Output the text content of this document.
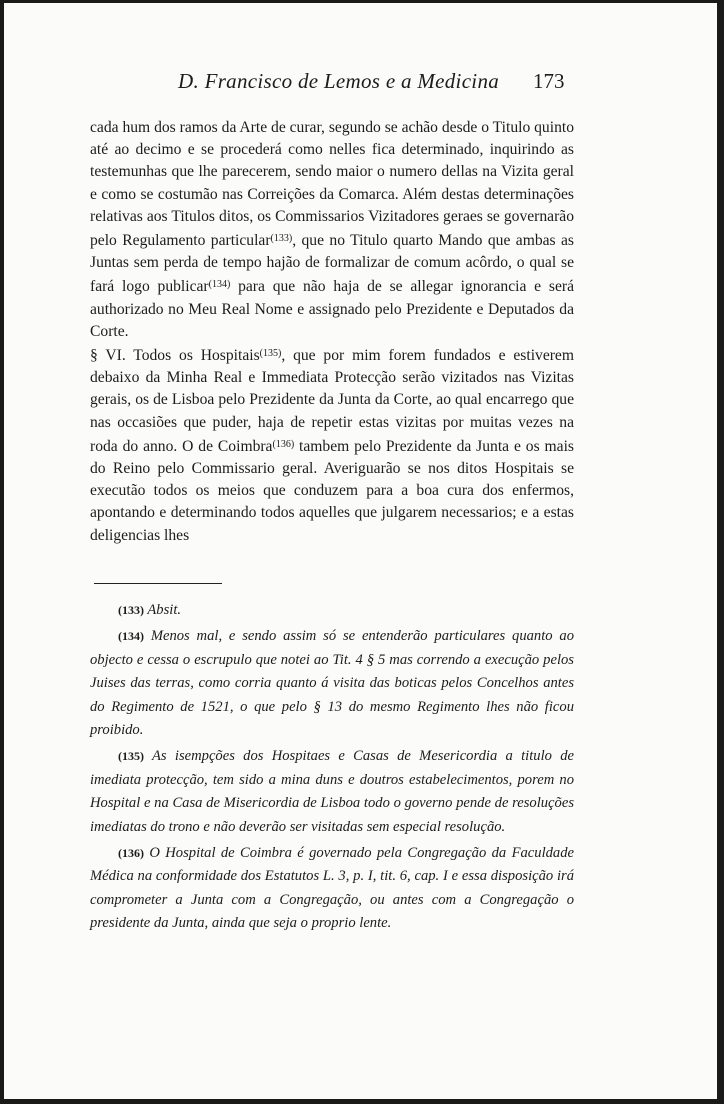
D. Francisco de Lemos e a Medicina 173

cada hum dos ramos da Arte de curar, segundo se achão desde o Titulo quinto até ao decimo e se procederá como nelles fica determinado, inquirindo as testemunhas que lhe parecerem, sendo maior o numero dellas na Vizita geral e como se costumão nas Correições da Comarca. Além destas determinações relativas aos Titulos ditos, os Commissarios Vizitadores geraes se governarão pelo Regulamento particular$^{(133)}$, que no Titulo quarto Mando que ambas as Juntas sem perda de tempo hajão de formalizar de comum acôrdo, o qual se fará logo publicar$^{(134)}$ para que não haja de se allegar ignorancia e será authorizado no Meu Real Nome e assignado pelo Prezidente e Deputados da Corte.

§ VI. Todos os Hospitais$^{(135)}$, que por mim forem fundados e estiverem debaixo da Minha Real e Immediata Protecção serão vizitados nas Vizitas gerais, os de Lisboa pelo Prezidente da Junta da Corte, ao qual encarrego que nas occasiões que puder, haja de repetir estas vizitas por muitas vezes na roda do anno. O de Coimbra$^{(136)}$ tambem pelo Prezidente da Junta e os mais do Reino pelo Commissario geral. Averiguarão se nos ditos Hospitais se executão todos os meios que conduzem para a boa cura dos enfermos, apontando e determinando todos aquelles que julgarem necessarios; e a estas deligencias lhes

(133) Absit.

(134) Menos mal, e sendo assim só se entenderão particulares quanto ao objecto e cessa o escrupulo que notei ao Tit. 4 § 5 mas correndo a execução pelos Juises das terras, como corria quanto á visita das boticas pelos Concelhos antes do Regimento de 1521, o que pelo § 13 do mesmo Regimento lhes não ficou proibido.

(135) As isempções dos Hospitaes e Casas de Mesericordia a titulo de imediata protecção, tem sido a mina duns e doutros estabelecimentos, porem no Hospital e na Casa de Misericordia de Lisboa todo o governo pende de resoluções imediatas do trono e não deverão ser visitadas sem especial resolução.

(136) O Hospital de Coimbra é governado pela Congregação da Faculdade Médica na conformidade dos Estatutos L. 3, p. I, tit. 6, cap. I e essa disposição irá comprometer a Junta com a Congregação, ou antes com a Congregação o presidente da Junta, ainda que seja o proprio lente.
